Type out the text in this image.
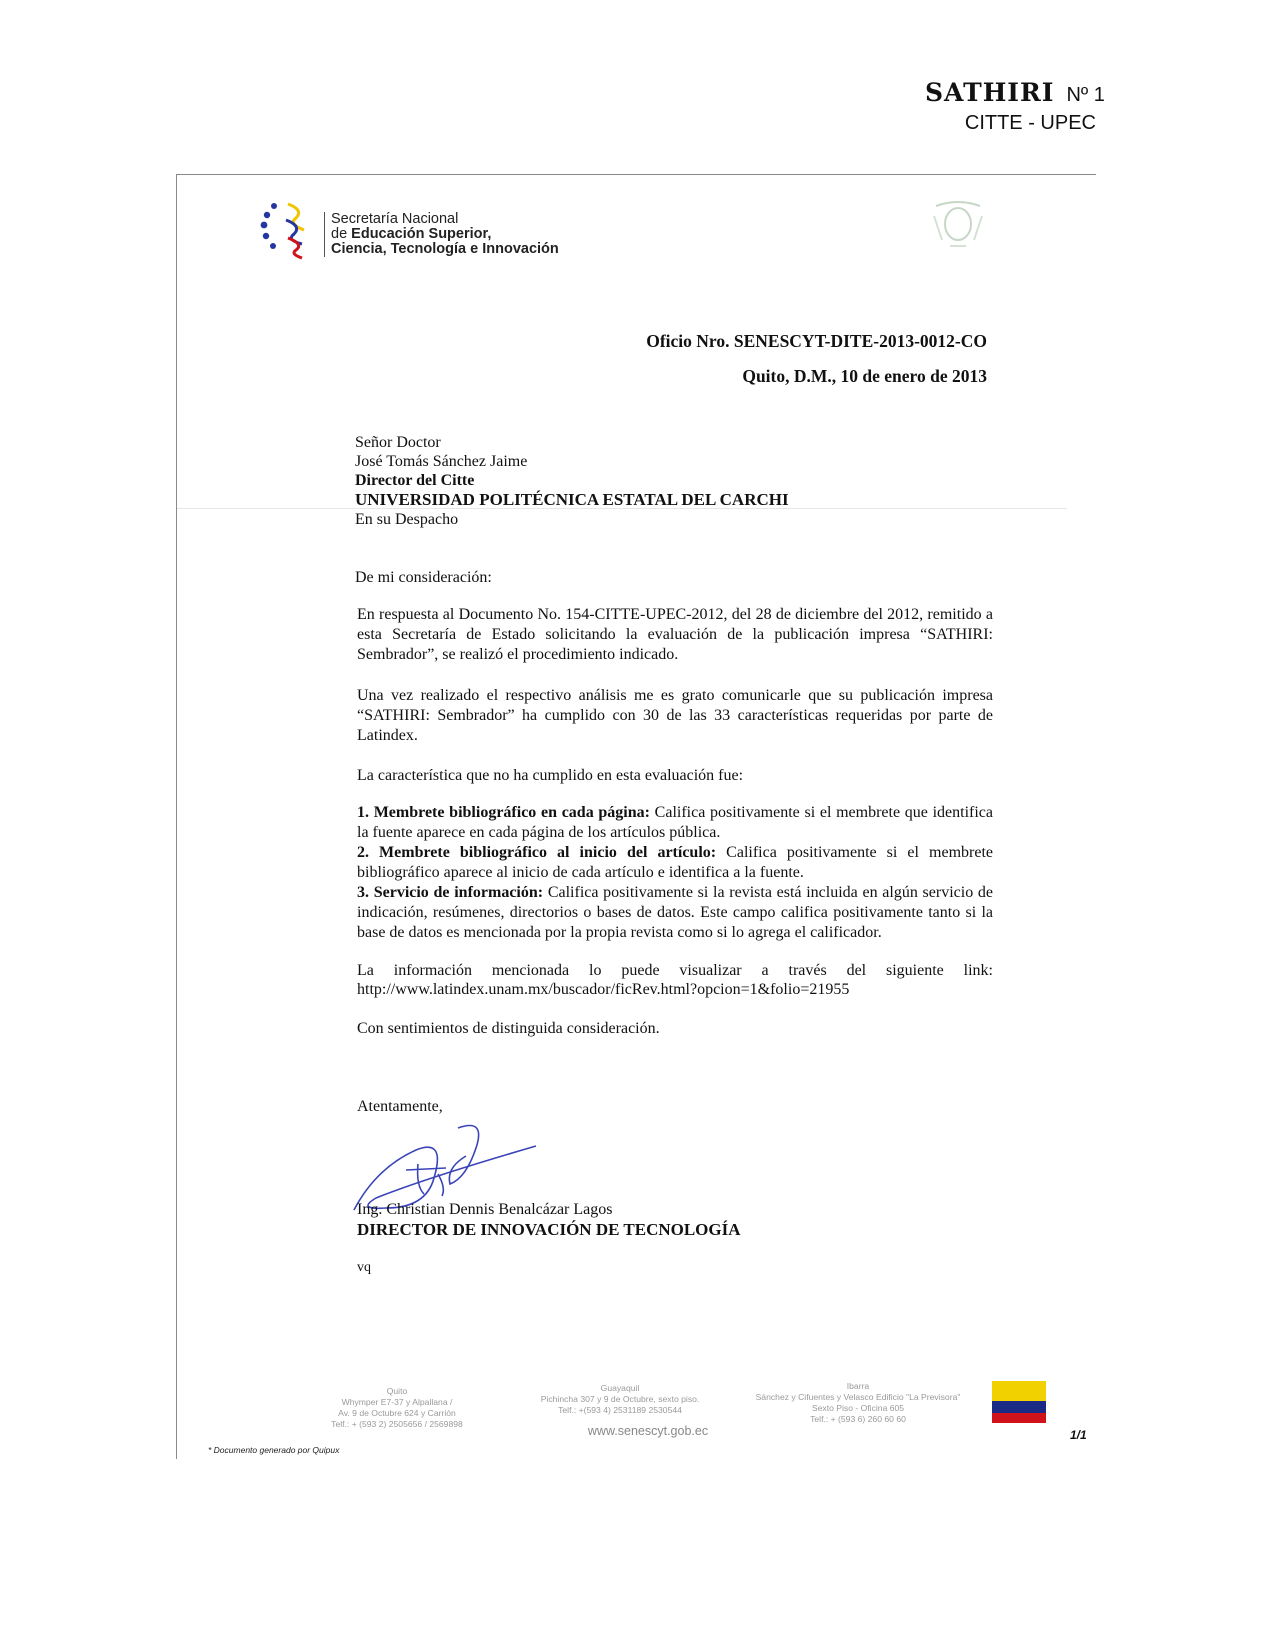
SATHIRI Nº 1
CITTE - UPEC
Secretaría Nacional
de Educación Superior,
Ciencia, Tecnología e Innovación
Oficio Nro. SENESCYT-DITE-2013-0012-CO
Quito, D.M., 10 de enero de 2013
Señor Doctor
José Tomás Sánchez Jaime
Director del Citte
UNIVERSIDAD POLITÉCNICA ESTATAL DEL CARCHI
En su Despacho
De mi consideración:
En respuesta al Documento No. 154-CITTE-UPEC-2012, del 28 de diciembre del 2012, remitido a esta Secretaría de Estado solicitando la evaluación de la publicación impresa “SATHIRI: Sembrador”, se realizó el procedimiento indicado.
Una vez realizado el respectivo análisis me es grato comunicarle que su publicación impresa “SATHIRI: Sembrador” ha cumplido con 30 de las 33 características requeridas por parte de Latindex.
La característica que no ha cumplido en esta evaluación fue:
1. Membrete bibliográfico en cada página: Califica positivamente si el membrete que identifica la fuente aparece en cada página de los artículos pública.
2. Membrete bibliográfico al inicio del artículo: Califica positivamente si el membrete bibliográfico aparece al inicio de cada artículo e identifica a la fuente.
3. Servicio de información: Califica positivamente si la revista está incluida en algún servicio de indicación, resúmenes, directorios o bases de datos. Este campo califica positivamente tanto si la base de datos es mencionada por la propia revista como si lo agrega el calificador.
La información mencionada lo puede visualizar a través del siguiente link:
http://www.latindex.unam.mx/buscador/ficRev.html?opcion=1&folio=21955
Con sentimientos de distinguida consideración.
Atentamente,
Ing. Christian Dennis Benalcázar Lagos
DIRECTOR DE INNOVACIÓN DE TECNOLOGÍA
vq
Quito
Whymper E7-37 y Alpallana /
Av. 9 de Octubre 624 y Carrión
Telf.: + (593 2) 2505656 / 2569898
Guayaquil
Pichincha 307 y 9 de Octubre, sexto piso.
Telf.: +(593 4) 2531189 2530544
Ibarra
Sánchez y Cifuentes y Velasco Edificio "La Previsora"
Sexto Piso - Oficina 605
Telf.: + (593 6) 260 60 60
www.senescyt.gob.ec	1/1
* Documento generado por Quipux
